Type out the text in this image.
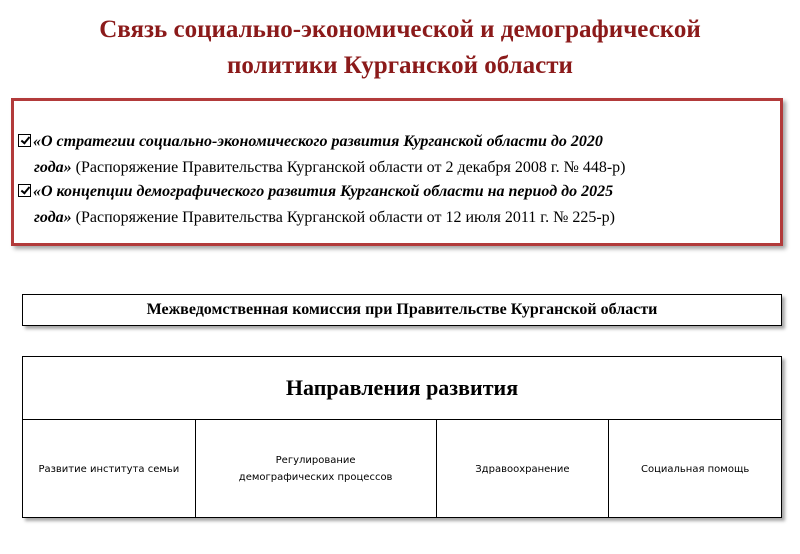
Связь социально-экономической и демографической
политики Курганской области
«О стратегии социально-экономического развития Курганской области до 2020
года» (Распоряжение Правительства Курганской области от 2 декабря 2008 г. № 448-р)
«О концепции демографического развития Курганской области на период до 2025
года» (Распоряжение Правительства Курганской области от 12 июля 2011 г. № 225-р)
Межведомственная комиссия при Правительстве Курганской области
Направления развития
Развитие института семьи
Регулирование демографических процессов
Здравоохранение	Социальная помощь
